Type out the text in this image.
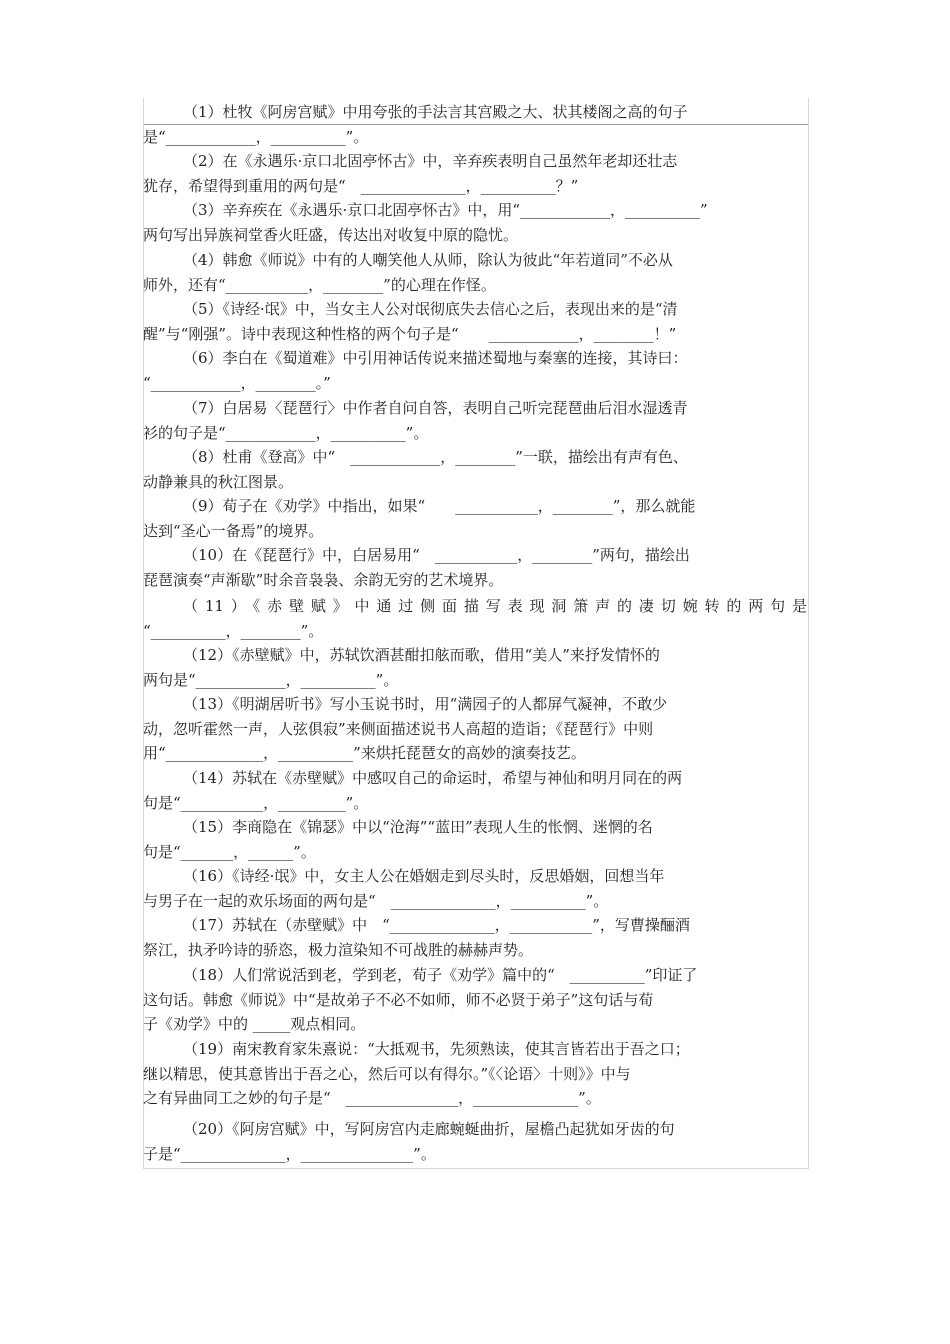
（1）杜牧《阿房宫赋》中用夸张的手法言其宫殿之大、状其楼阁之高的句子
是“____________，__________”。
（2）在《永遇乐·京口北固亭怀古》中，辛弃疾表明自己虽然年老却还壮志
犹存，希望得到重用的两句是“　______________，__________？”
（3）辛弃疾在《永遇乐·京口北固亭怀古》中，用“____________，__________”
两句写出异族祠堂香火旺盛，传达出对收复中原的隐忧。
（4）韩愈《师说》中有的人嘲笑他人从师，除认为彼此“年若道同”不必从
师外，还有“___________，________”的心理在作怪。
（5）《诗经·氓》中，当女主人公对氓彻底失去信心之后，表现出来的是“清
醒”与“刚强”。诗中表现这种性格的两个句子是“　　____________，________！”
（6）李白在《蜀道难》中引用神话传说来描述蜀地与秦塞的连接，其诗曰：
“____________，________。”
（7）白居易〈琵琶行〉中作者自问自答，表明自己听完琵琶曲后泪水湿透青
衫的句子是“____________，__________”。
（8）杜甫《登高》中“　____________，________”一联，描绘出有声有色、
动静兼具的秋江图景。
（9）荀子在《劝学》中指出，如果“　　___________，________”，那么就能
达到“圣心一备焉”的境界。
（10）在《琵琶行》中，白居易用“　___________，________”两句，描绘出
琵琶演奏“声渐歇”时余音袅袅、余韵无穷的艺术境界。
（11）《赤壁赋》中通过侧面描写表现洞箫声的凄切婉转的两句是
“__________，________”。
（12）《赤壁赋》中，苏轼饮酒甚酣扣舷而歌，借用“美人”来抒发情怀的
两句是“____________，__________”。
（13）《明湖居听书》写小玉说书时，用“满园子的人都屏气凝神，不敢少
动，忽听霍然一声，人弦俱寂”来侧面描述说书人高超的造诣；《琵琶行》中则
用“_____________，__________”来烘托琵琶女的高妙的演奏技艺。
（14）苏轼在《赤壁赋》中感叹自己的命运时，希望与神仙和明月同在的两
句是“___________，_________”。
（15）李商隐在《锦瑟》中以“沧海”“蓝田”表现人生的怅惘、迷惘的名
句是“_______，______”。
（16）《诗经·氓》中，女主人公在婚姻走到尽头时，反思婚姻，回想当年
与男子在一起的欢乐场面的两句是“　______________，__________”。
（17）苏轼在（赤壁赋》中　“______________，___________”，写曹操酾酒
祭江，执矛吟诗的骄恣，极力渲染知不可战胜的赫赫声势。
（18）人们常说活到老，学到老，荀子《劝学》篇中的“　__________”印证了
这句话。韩愈《师说》中“是故弟子不必不如师，师不必贤于弟子”这句话与荀
子《劝学》中的 _____观点相同。
（19）南宋教育家朱熹说：“大抵观书，先须熟读，使其言皆若出于吾之口；
继以精思，使其意皆出于吾之心，然后可以有得尔。”《〈论语〉十则》》中与
之有异曲同工之妙的句子是“　_______________，______________”。
（20）《阿房宫赋》中，写阿房宫内走廊蜿蜒曲折，屋檐凸起犹如牙齿的句
子是“______________，_______________”。
